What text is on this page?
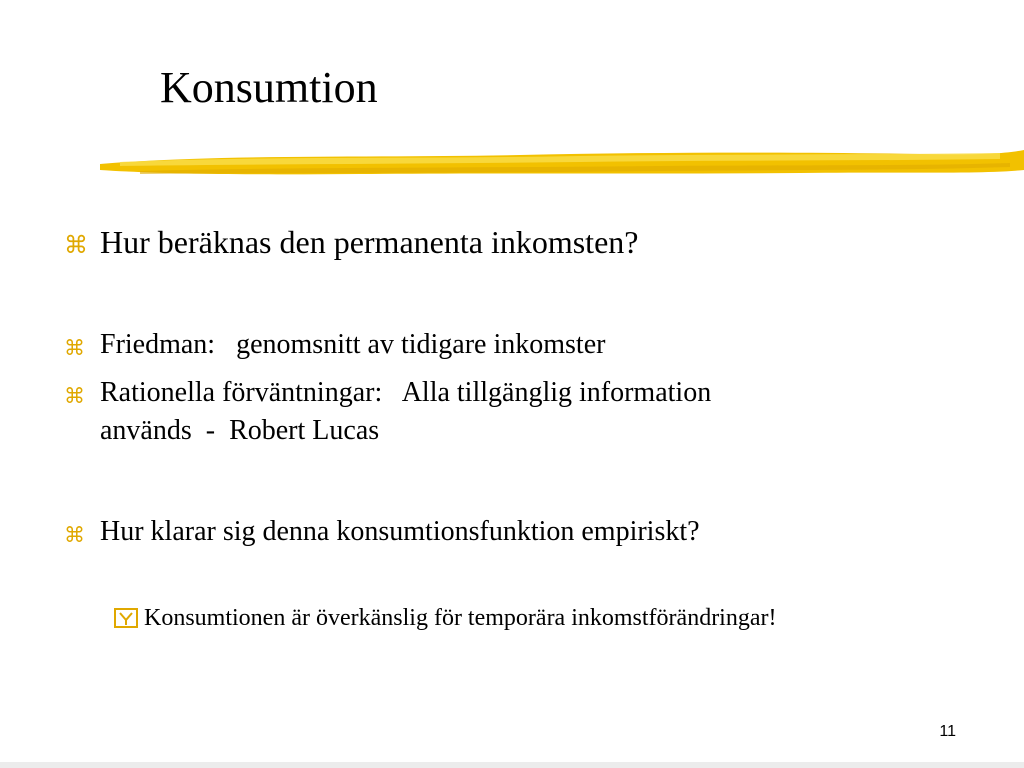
Konsumtion
⌘ Hur beräknas den permanenta inkomsten?
⌘ Friedman:   genomsnitt av tidigare inkomster
⌘ Rationella förväntningar:   Alla tillgänglig information
används  -  Robert Lucas
⌘ Hur klarar sig denna konsumtionsfunktion empiriskt?
Konsumtionen är överkänslig för temporära inkomstförändringar!
11
